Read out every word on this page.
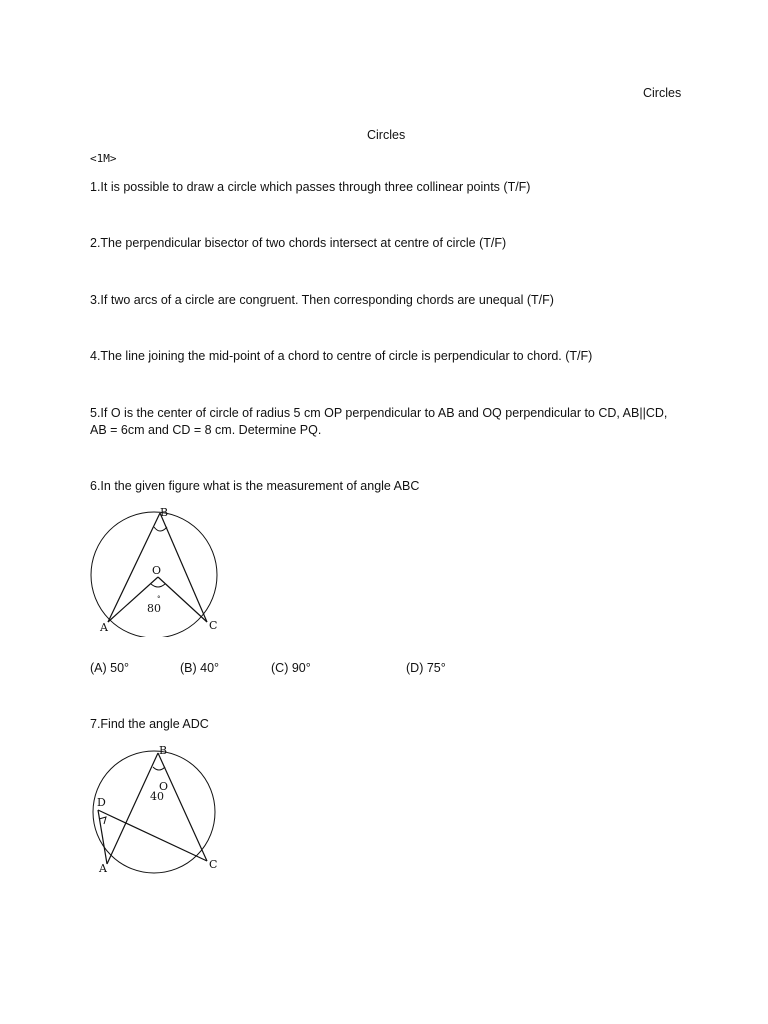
Circles
Circles
<1M>
1.It is possible to draw a circle which passes through three collinear points (T/F)
2.The perpendicular bisector of two chords intersect at centre of circle (T/F)
3.If two arcs of a circle are congruent. Then corresponding chords are unequal (T/F)
4.The line joining the mid-point of a chord to centre of circle is perpendicular to chord. (T/F)
5.If O is the center of circle of radius 5 cm OP perpendicular to AB and OQ perpendicular to CD, AB||CD,
AB = 6cm and CD = 8 cm. Determine PQ.
6.In the given figure what is the measurement of angle ABC
B
O
°
80
A	C
(A) 50°	(B) 40°	(C) 90°	(D) 75°
7.Find the angle ADC
B
O
40
D
A	C
